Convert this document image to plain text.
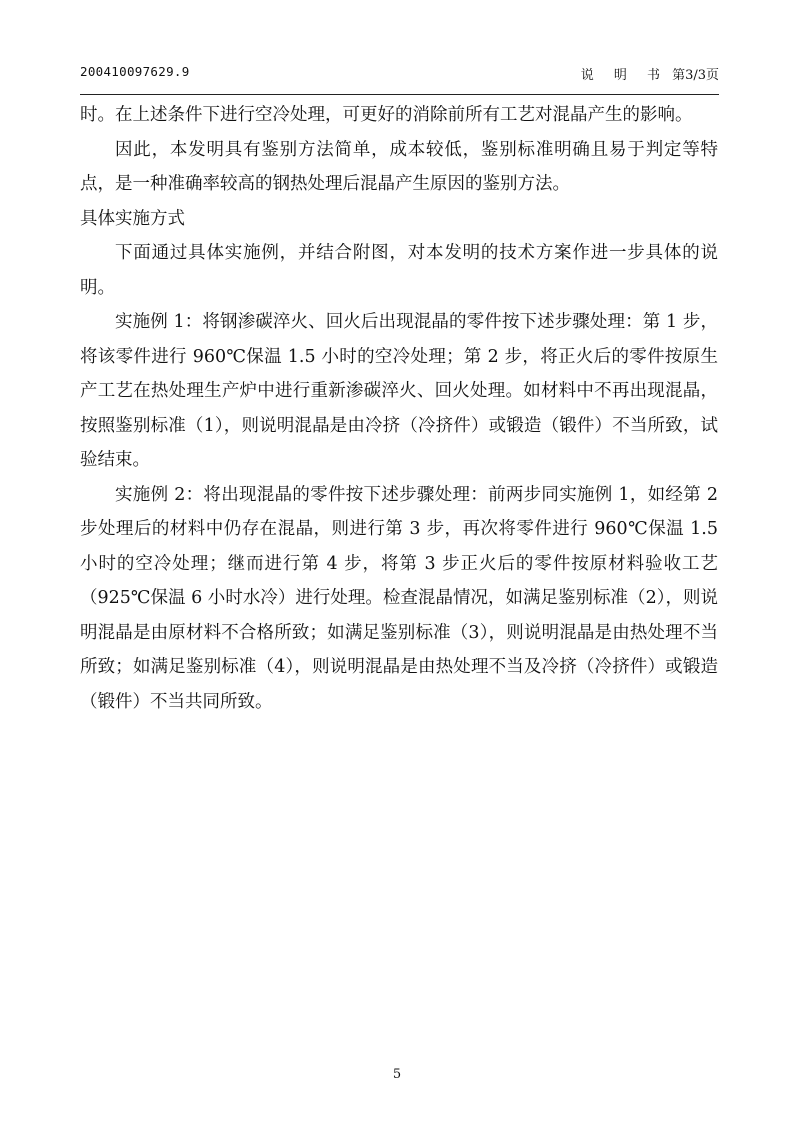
200410097629.9	说 明 书 第3/3页

时。在上述条件下进行空冷处理，可更好的消除前所有工艺对混晶产生的影响。

因此，本发明具有鉴别方法简单，成本较低，鉴别标准明确且易于判定等特点，是一种准确率较高的钢热处理后混晶产生原因的鉴别方法。

具体实施方式

下面通过具体实施例，并结合附图，对本发明的技术方案作进一步具体的说明。

实施例 1：将钢渗碳淬火、回火后出现混晶的零件按下述步骤处理：第 1 步，将该零件进行 960℃保温 1.5 小时的空冷处理；第 2 步，将正火后的零件按原生产工艺在热处理生产炉中进行重新渗碳淬火、回火处理。如材料中不再出现混晶，按照鉴别标准（1），则说明混晶是由冷挤（冷挤件）或锻造（锻件）不当所致，试验结束。

实施例 2：将出现混晶的零件按下述步骤处理：前两步同实施例 1，如经第 2 步处理后的材料中仍存在混晶，则进行第 3 步，再次将零件进行 960℃保温 1.5 小时的空冷处理；继而进行第 4 步，将第 3 步正火后的零件按原材料验收工艺（925℃保温 6 小时水冷）进行处理。检查混晶情况，如满足鉴别标准（2），则说明混晶是由原材料不合格所致；如满足鉴别标准（3），则说明混晶是由热处理不当所致；如满足鉴别标准（4），则说明混晶是由热处理不当及冷挤（冷挤件）或锻造（锻件）不当共同所致。

5
